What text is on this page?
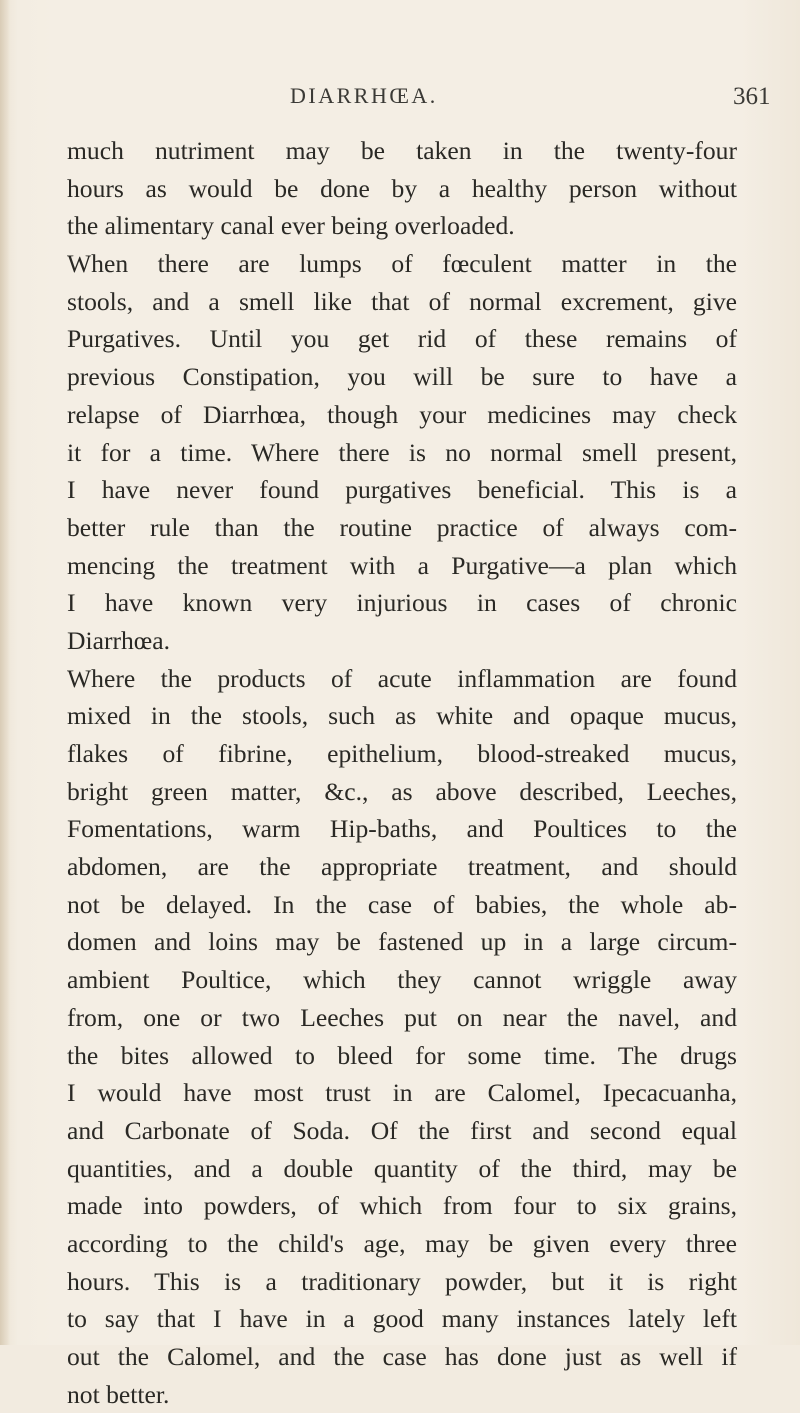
DIARRHŒA.	361
much nutriment may be taken in the twenty-four
hours as would be done by a healthy person without
the alimentary canal ever being overloaded.
When there are lumps of fœculent matter in the
stools, and a smell like that of normal excrement, give
Purgatives. Until you get rid of these remains of
previous Constipation, you will be sure to have a
relapse of Diarrhœa, though your medicines may check
it for a time. Where there is no normal smell present,
I have never found purgatives beneficial. This is a
better rule than the routine practice of always com-
mencing the treatment with a Purgative—a plan which
I have known very injurious in cases of chronic
Diarrhœa.
Where the products of acute inflammation are found
mixed in the stools, such as white and opaque mucus,
flakes of fibrine, epithelium, blood-streaked mucus,
bright green matter, &c., as above described, Leeches,
Fomentations, warm Hip-baths, and Poultices to the
abdomen, are the appropriate treatment, and should
not be delayed. In the case of babies, the whole ab-
domen and loins may be fastened up in a large circum-
ambient Poultice, which they cannot wriggle away
from, one or two Leeches put on near the navel, and
the bites allowed to bleed for some time. The drugs
I would have most trust in are Calomel, Ipecacuanha,
and Carbonate of Soda. Of the first and second equal
quantities, and a double quantity of the third, may be
made into powders, of which from four to six grains,
according to the child's age, may be given every three
hours. This is a traditionary powder, but it is right
to say that I have in a good many instances lately left
out the Calomel, and the case has done just as well if
not better.
